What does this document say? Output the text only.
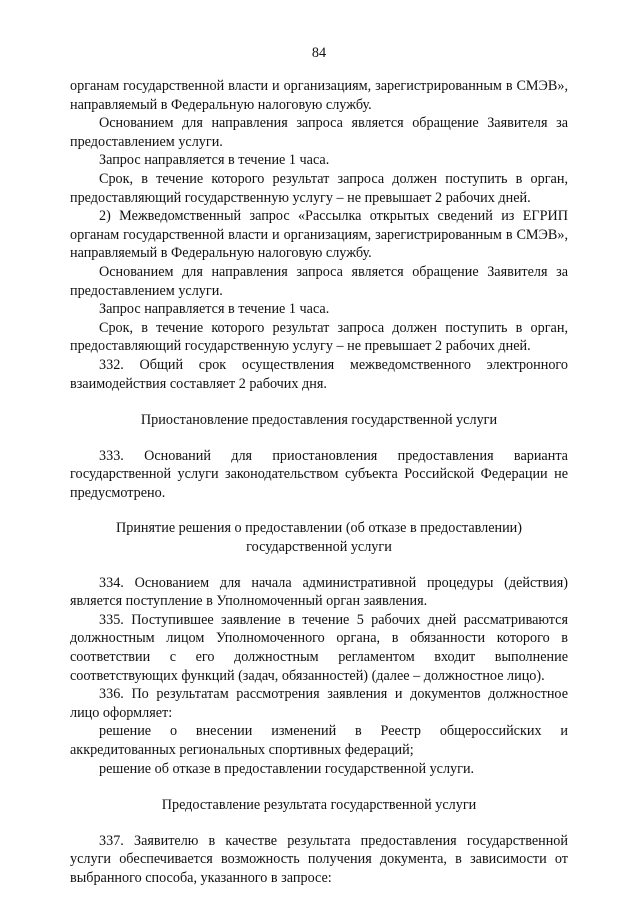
84

органам государственной власти и организациям, зарегистрированным в СМЭВ», направляемый в Федеральную налоговую службу.

Основанием для направления запроса является обращение Заявителя за предоставлением услуги.

Запрос направляется в течение 1 часа.

Срок, в течение которого результат запроса должен поступить в орган, предоставляющий государственную услугу – не превышает 2 рабочих дней.

2) Межведомственный запрос «Рассылка открытых сведений из ЕГРИП органам государственной власти и организациям, зарегистрированным в СМЭВ», направляемый в Федеральную налоговую службу.

Основанием для направления запроса является обращение Заявителя за предоставлением услуги.

Запрос направляется в течение 1 часа.

Срок, в течение которого результат запроса должен поступить в орган, предоставляющий государственную услугу – не превышает 2 рабочих дней.

332. Общий срок осуществления межведомственного электронного взаимодействия составляет 2 рабочих дня.

Приостановление предоставления государственной услуги

333. Оснований для приостановления предоставления варианта государственной услуги законодательством субъекта Российской Федерации не предусмотрено.

Принятие решения о предоставлении (об отказе в предоставлении) государственной услуги

334. Основанием для начала административной процедуры (действия) является поступление в Уполномоченный орган заявления.

335. Поступившее заявление в течение 5 рабочих дней рассматриваются должностным лицом Уполномоченного органа, в обязанности которого в соответствии с его должностным регламентом входит выполнение соответствующих функций (задач, обязанностей) (далее – должностное лицо).

336. По результатам рассмотрения заявления и документов должностное лицо оформляет:

решение о внесении изменений в Реестр общероссийских и аккредитованных региональных спортивных федераций;

решение об отказе в предоставлении государственной услуги.

Предоставление результата государственной услуги

337. Заявителю в качестве результата предоставления государственной услуги обеспечивается возможность получения документа, в зависимости от выбранного способа, указанного в запросе:
